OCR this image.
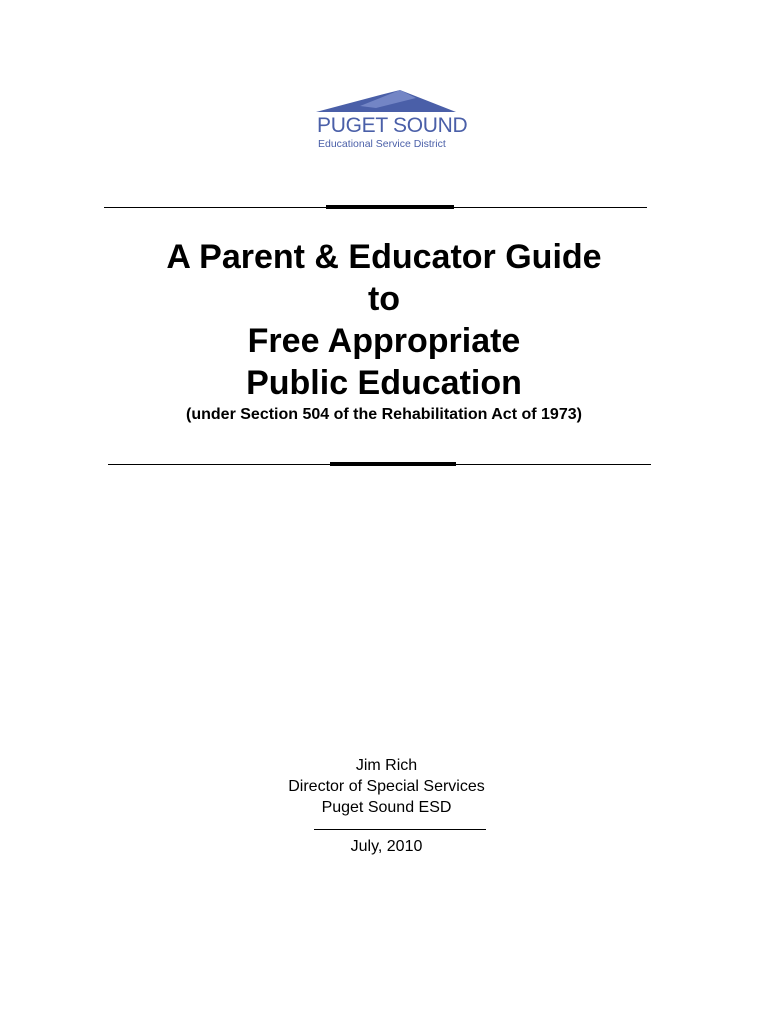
PUGET SOUND
Educational Service District
A Parent & Educator Guide
to
Free Appropriate
Public Education
(under Section 504 of the Rehabilitation Act of 1973)
Jim Rich
Director of Special Services
Puget Sound ESD
July, 2010
